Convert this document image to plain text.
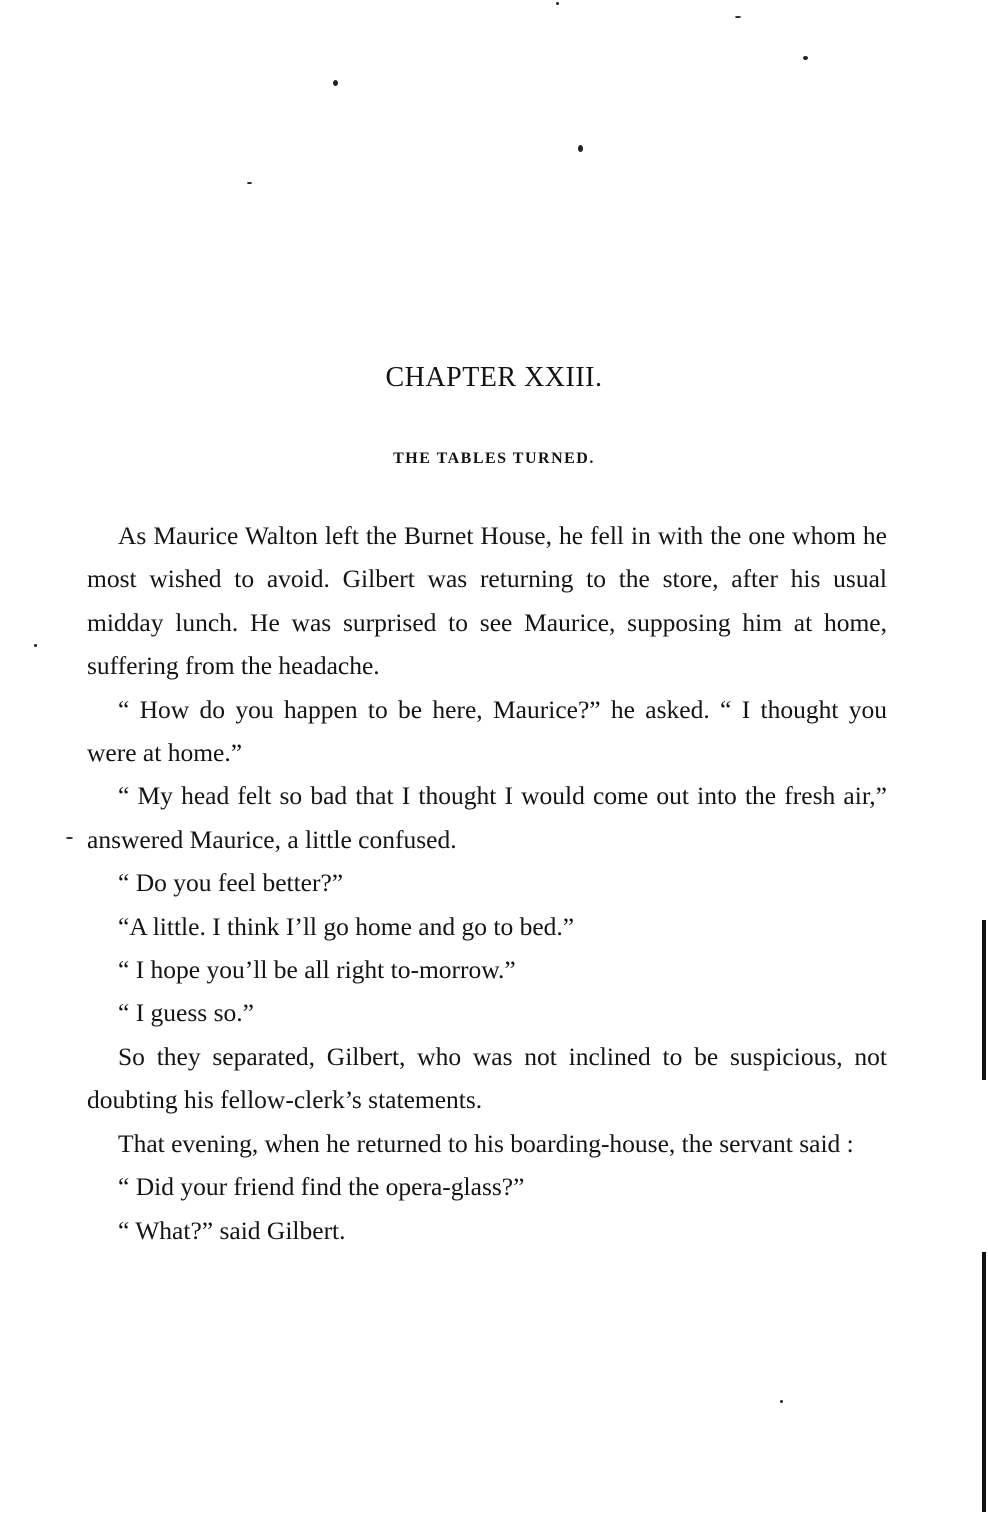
CHAPTER XXIII.
THE TABLES TURNED.

As Maurice Walton left the Burnet House, he fell in with the one whom he most wished to avoid. Gilbert was returning to the store, after his usual midday lunch. He was surprised to see Maurice, supposing him at home, suffering from the headache.

“ How do you happen to be here, Maurice?” he asked. “ I thought you were at home.”

“ My head felt so bad that I thought I would come out into the fresh air,” answered Maurice, a little confused.

“ Do you feel better?”

“A little. I think I’ll go home and go to bed.”

“ I hope you’ll be all right to-morrow.”

“ I guess so.”

So they separated, Gilbert, who was not inclined to be suspicious, not doubting his fellow-clerk’s statements.

That evening, when he returned to his boarding-house, the servant said :

“ Did your friend find the opera-glass?”

“ What?” said Gilbert.
